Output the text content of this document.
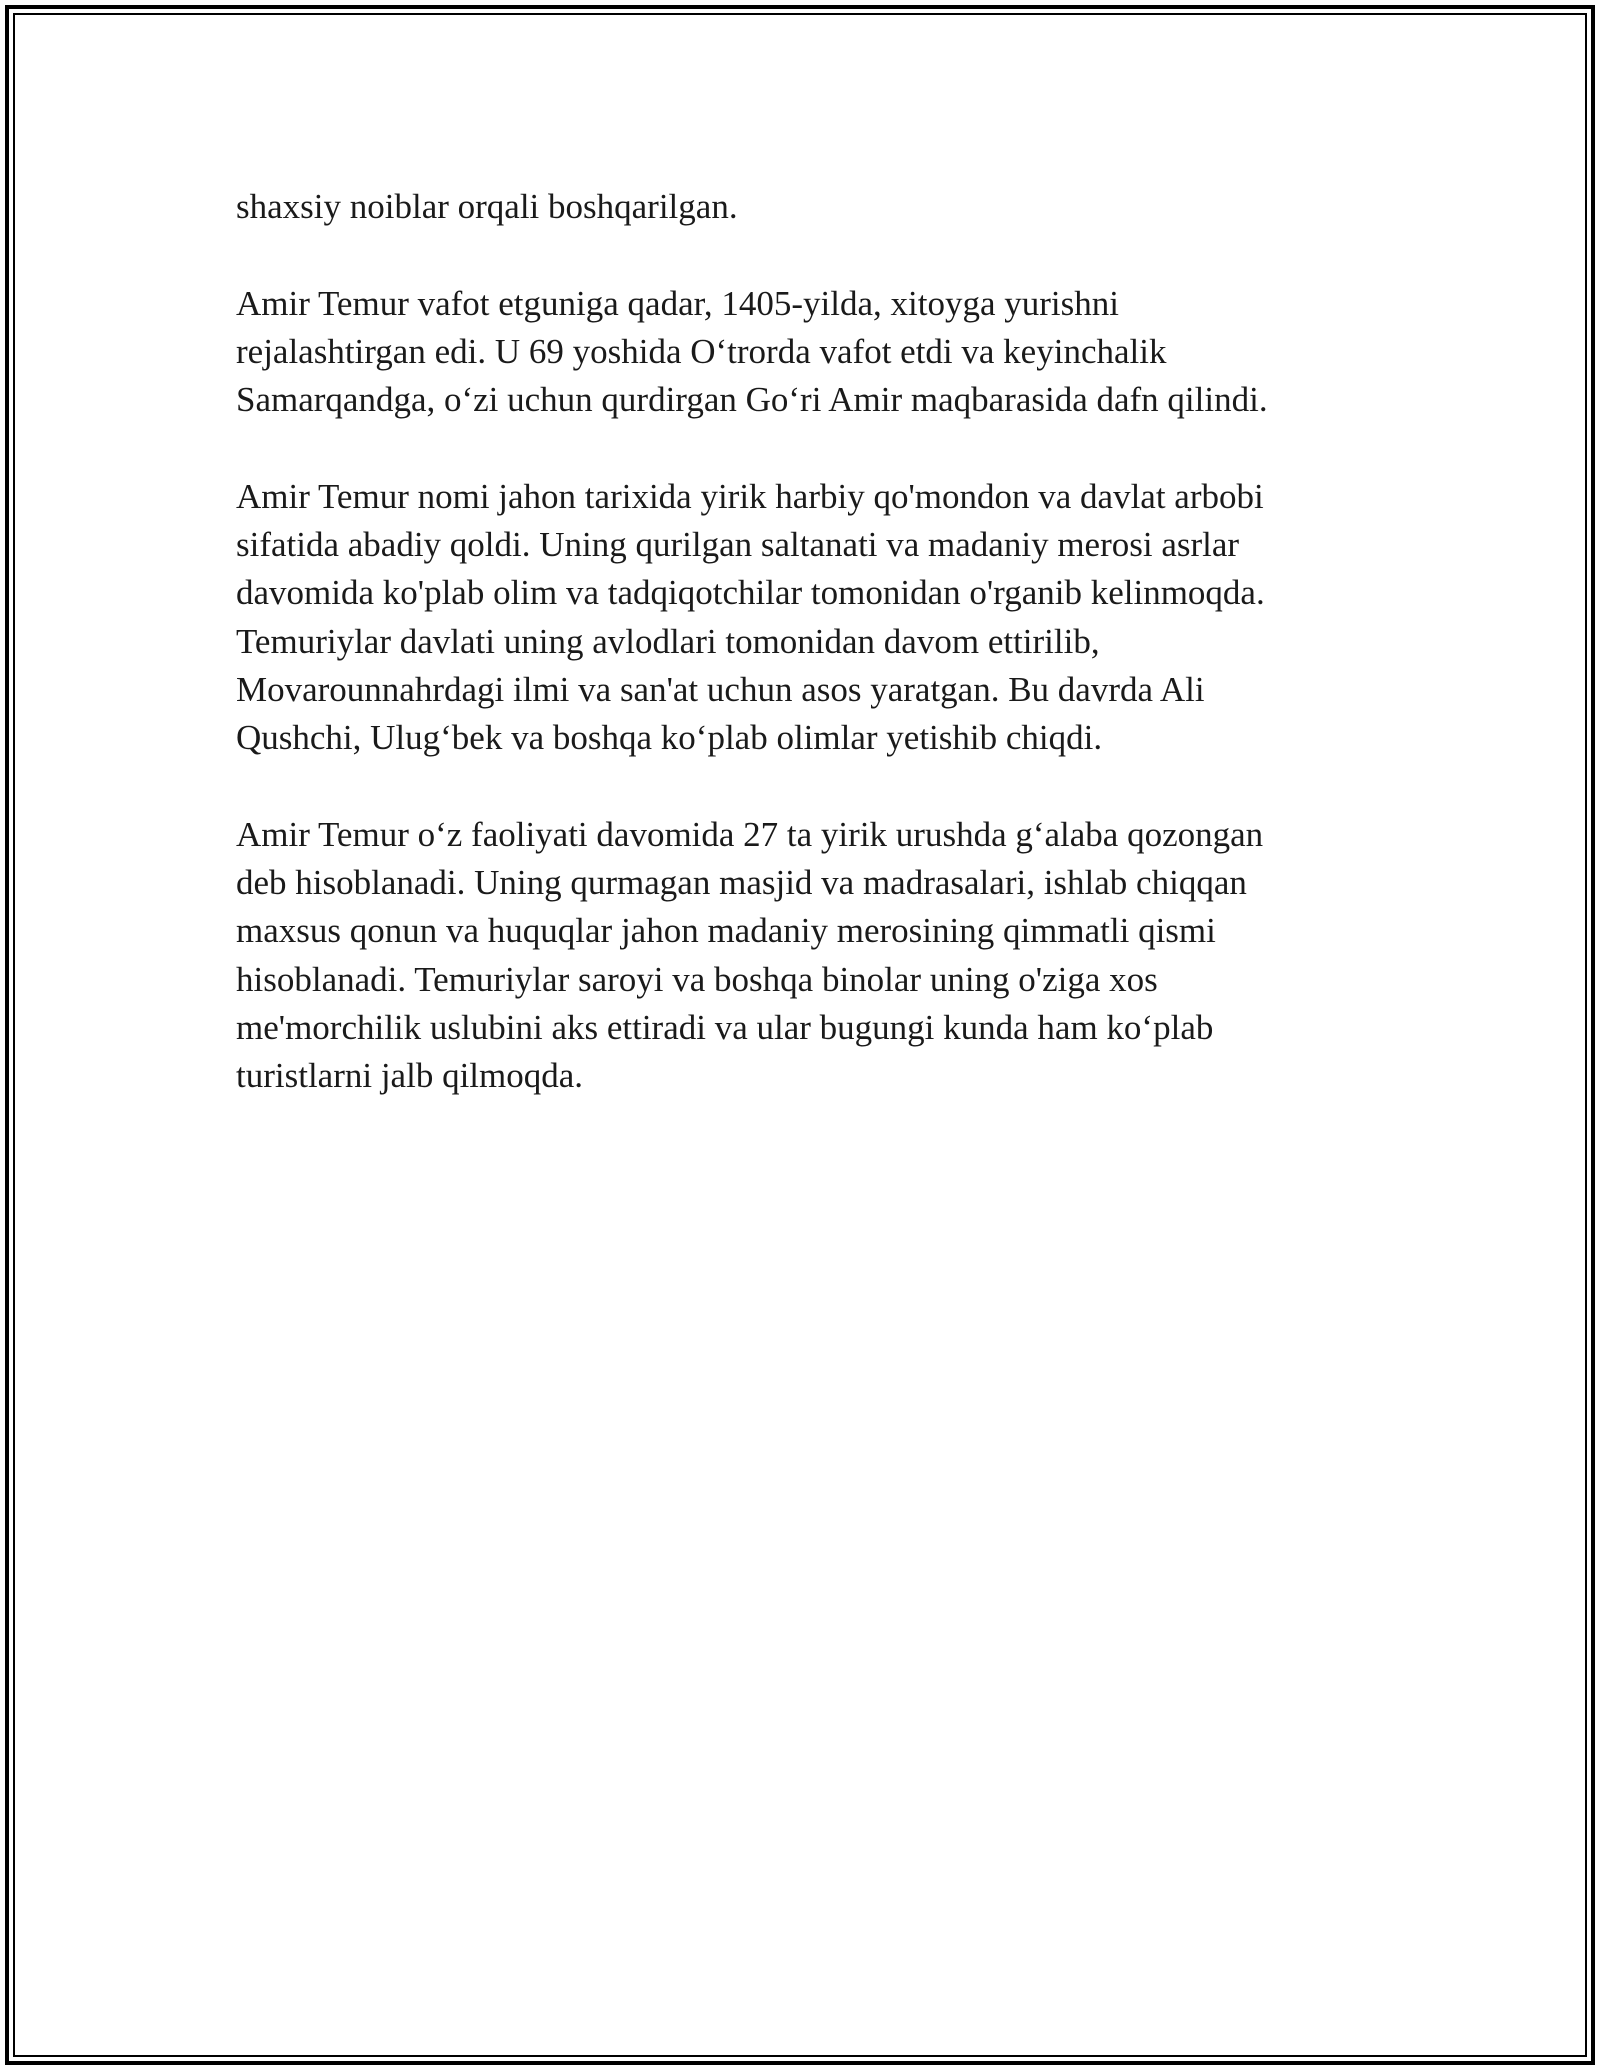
shaxsiy noiblar orqali boshqarilgan.

Amir Temur vafot etguniga qadar, 1405-yilda, xitoyga yurishni
rejalashtirgan edi. U 69 yoshida O‘trorda vafot etdi va keyinchalik
Samarqandga, o‘zi uchun qurdirgan Go‘ri Amir maqbarasida dafn qilindi.

Amir Temur nomi jahon tarixida yirik harbiy qo'mondon va davlat arbobi
sifatida abadiy qoldi. Uning qurilgan saltanati va madaniy merosi asrlar
davomida ko'plab olim va tadqiqotchilar tomonidan o'rganib kelinmoqda.
Temuriylar davlati uning avlodlari tomonidan davom ettirilib,
Movarounnahrdagi ilmi va san'at uchun asos yaratgan. Bu davrda Ali
Qushchi, Ulug‘bek va boshqa ko‘plab olimlar yetishib chiqdi.

Amir Temur o‘z faoliyati davomida 27 ta yirik urushda g‘alaba qozongan
deb hisoblanadi. Uning qurmagan masjid va madrasalari, ishlab chiqqan
maxsus qonun va huquqlar jahon madaniy merosining qimmatli qismi
hisoblanadi. Temuriylar saroyi va boshqa binolar uning o'ziga xos
me'morchilik uslubini aks ettiradi va ular bugungi kunda ham ko‘plab
turistlarni jalb qilmoqda.
